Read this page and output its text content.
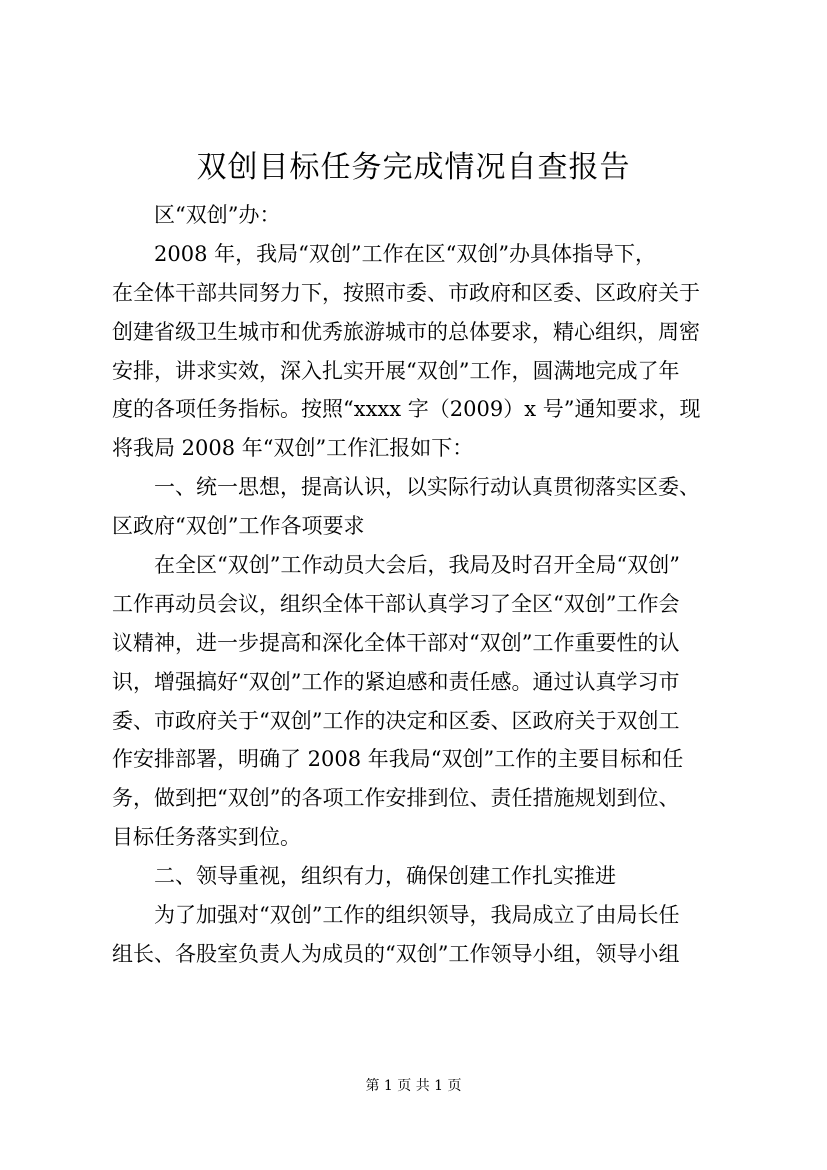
双创目标任务完成情况自查报告
区“双创”办：
2008 年，我局“双创”工作在区“双创”办具体指导下，
在全体干部共同努力下，按照市委、市政府和区委、区政府关于
创建省级卫生城市和优秀旅游城市的总体要求，精心组织，周密
安排，讲求实效，深入扎实开展“双创”工作，圆满地完成了年
度的各项任务指标。按照“xxxx 字（2009）x 号”通知要求，现
将我局 2008 年“双创”工作汇报如下：
一、统一思想，提高认识，以实际行动认真贯彻落实区委、
区政府“双创”工作各项要求
在全区“双创”工作动员大会后，我局及时召开全局“双创”
工作再动员会议，组织全体干部认真学习了全区“双创”工作会
议精神，进一步提高和深化全体干部对“双创”工作重要性的认
识，增强搞好“双创”工作的紧迫感和责任感。通过认真学习市
委、市政府关于“双创”工作的决定和区委、区政府关于双创工
作安排部署，明确了 2008 年我局“双创”工作的主要目标和任
务，做到把“双创”的各项工作安排到位、责任措施规划到位、
目标任务落实到位。
二、领导重视，组织有力，确保创建工作扎实推进
为了加强对“双创”工作的组织领导，我局成立了由局长任
组长、各股室负责人为成员的“双创”工作领导小组，领导小组
第 1 页 共 1 页
